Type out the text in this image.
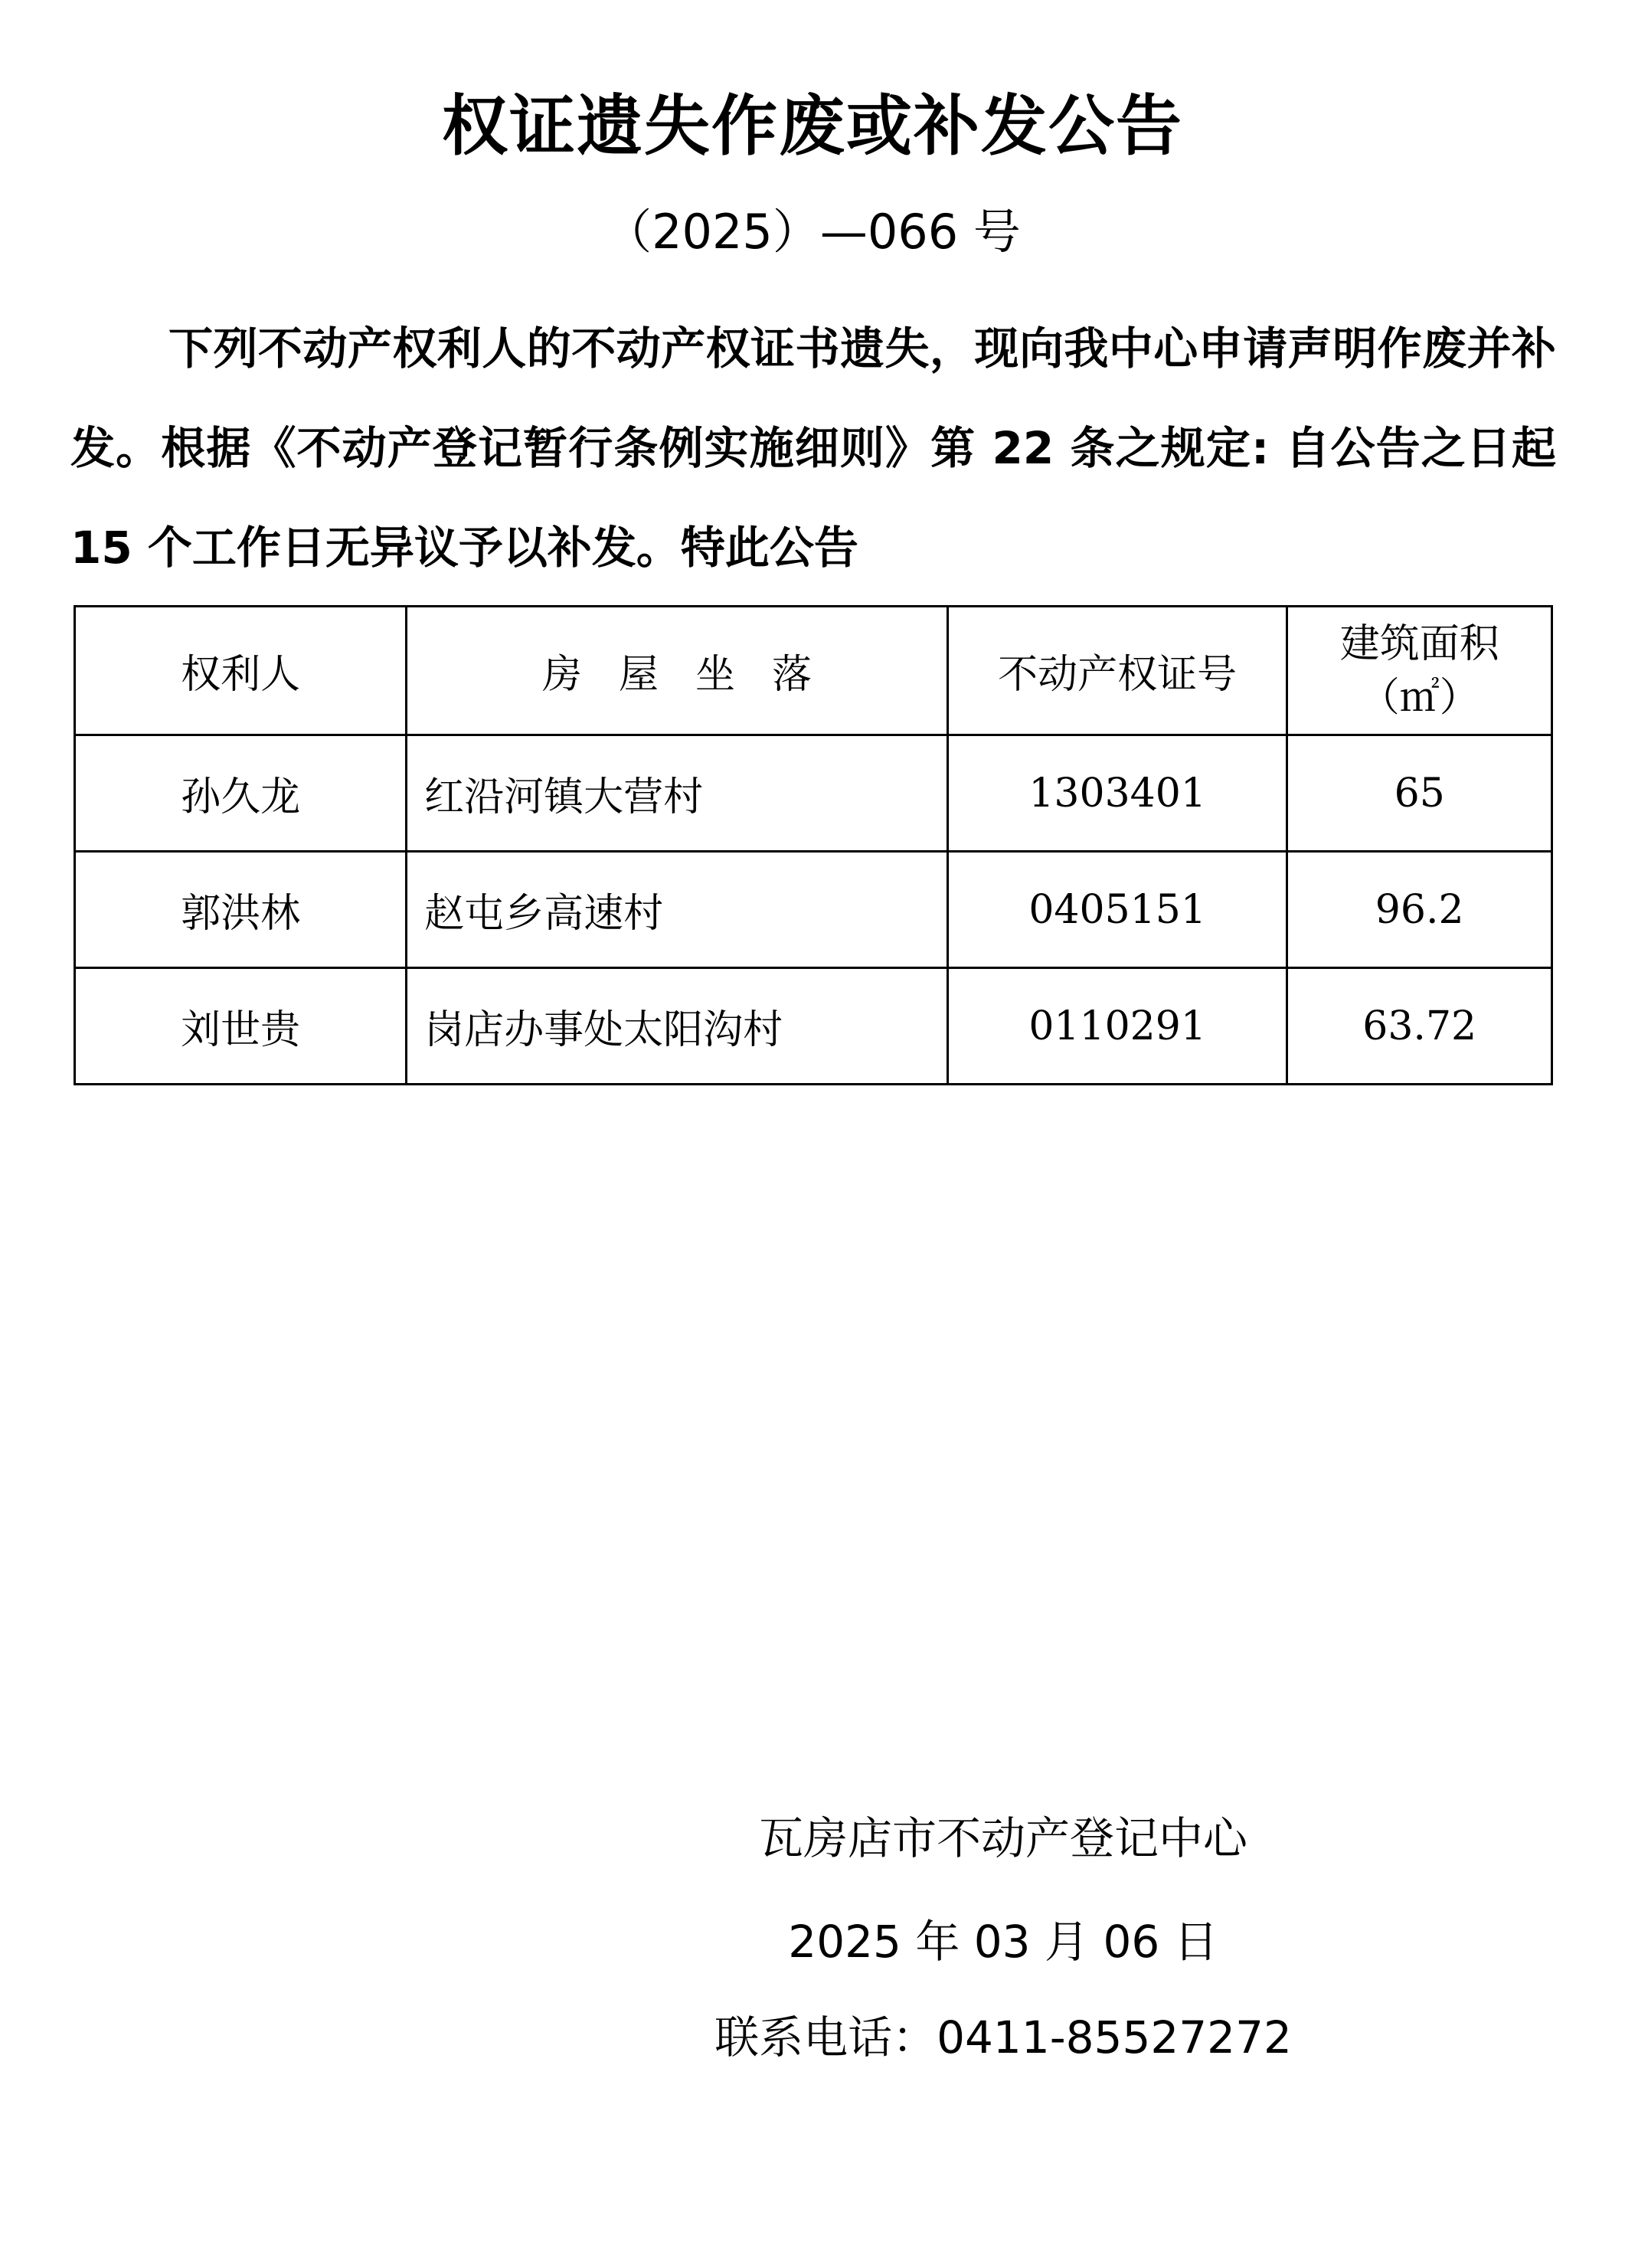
权证遗失作废或补发公告
（2025）—066 号
下列不动产权利人的不动产权证书遗失，现向我中心申请声明作废并补发。根据《不动产登记暂行条例实施细则》第 22 条之规定: 自公告之日起 15 个工作日无异议予以补发。特此公告
权利人	房屋坐落	不动产权证号	建筑面积
（㎡）

孙久龙	红沿河镇大营村	1303401	65
郭洪林	赵屯乡高速村	0405151	96.2
刘世贵	岗店办事处太阳沟村	0110291	63.72
瓦房店市不动产登记中心
2025 年 03 月 06 日
联系电话：0411-85527272
